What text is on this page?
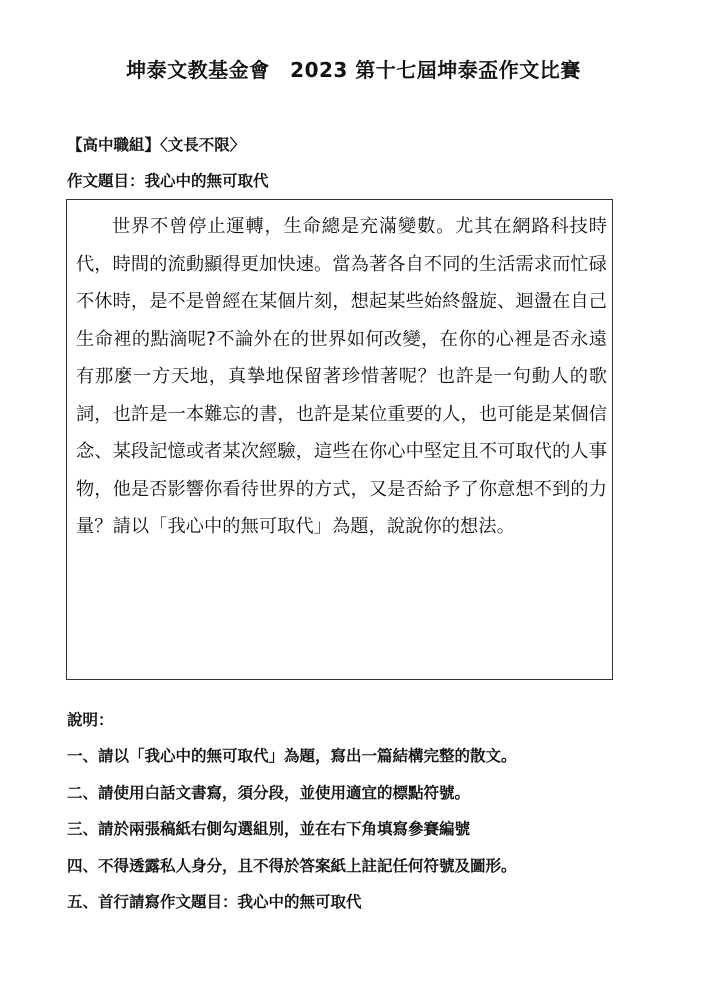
坤泰文教基金會　2023 第十七屆坤泰盃作文比賽
【高中職組】〈文長不限〉
作文題目：我心中的無可取代
世界不曾停止運轉，生命總是充滿變數。尤其在網路科技時代，時間的流動顯得更加快速。當為著各自不同的生活需求而忙碌不休時，是不是曾經在某個片刻，想起某些始終盤旋、迴盪在自己生命裡的點滴呢?不論外在的世界如何改變，在你的心裡是否永遠有那麼一方天地，真摯地保留著珍惜著呢？也許是一句動人的歌詞，也許是一本難忘的書，也許是某位重要的人，也可能是某個信念、某段記憶或者某次經驗，這些在你心中堅定且不可取代的人事物，他是否影響你看待世界的方式，又是否給予了你意想不到的力量？請以「我心中的無可取代」為題，說說你的想法。
說明：
一、請以「我心中的無可取代」為題，寫出一篇結構完整的散文。
二、請使用白話文書寫，須分段，並使用適宜的標點符號。
三、請於兩張稿紙右側勾選組別，並在右下角填寫參賽編號
四、不得透露私人身分，且不得於答案紙上註記任何符號及圖形。
五、首行請寫作文題目：我心中的無可取代
